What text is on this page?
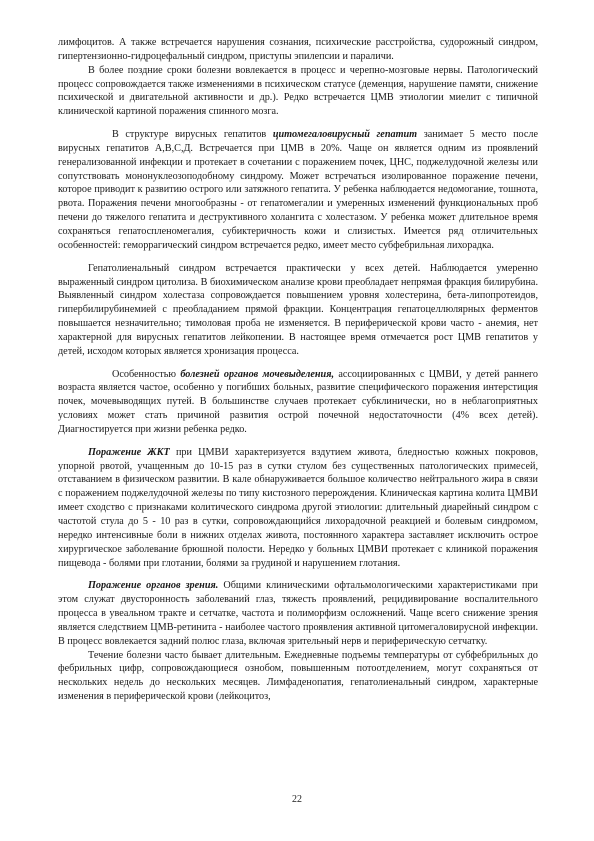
лимфоцитов. А также встречается нарушения сознания, психические расстройства, судорожный синдром, гипертензионно-гидроцефальный синдром, приступы эпилепсии и параличи.

В более поздние сроки болезни вовлекается в процесс и черепно-мозговые нервы. Патологический процесс сопровождается также изменениями в психическом статусе (деменция, нарушение памяти, снижение психической и двигательной активности и др.). Редко встречается ЦМВ этиологии миелит с типичной клинической картиной поражения спинного мозга.

В структуре вирусных гепатитов цитомегаловирусный гепатит занимает 5 место после вирусных гепатитов А,В,С,Д. Встречается при ЦМВ в 20%. Чаще он является одним из проявлений генерализованной инфекции и протекает в сочетании с поражением почек, ЦНС, поджелудочной железы или сопутствовать мононуклеозоподобному синдрому. Может встречаться изолированное поражение печени, которое приводит к развитию острого или затяжного гепатита. У ребенка наблюдается недомогание, тошнота, рвота. Поражения печени многообразны - от гепатомегалии и умеренных изменений функциональных проб печени до тяжелого гепатита и деструктивного холангита с холестазом. У ребенка может длительное время сохраняться гепатоспленомегалия, субиктеричность кожи и слизистых. Имеется ряд отличительных особенностей: геморрагический синдром встречается редко, имеет место субфебрильная лихорадка.

Гепатолиенальный синдром встречается практически у всех детей. Наблюдается умеренно выраженный синдром цитолиза. В биохимическом анализе крови преобладает непрямая фракция билирубина. Выявленный синдром холестаза сопровождается повышением уровня холестерина, бета-липопротеидов, гипербилирубинемией с преобладанием прямой фракции. Концентрация гепатоцеллюлярных ферментов повышается незначительно; тимоловая проба не изменяется. В периферической крови часто - анемия, нет характерной для вирусных гепатитов лейкопении. В настоящее время отмечается рост ЦМВ гепатитов у детей, исходом которых является хронизация процесса.

Особенностью болезней органов мочевыделения, ассоциированных с ЦМВИ, у детей раннего возраста является частое, особенно у погибших больных, развитие специфического поражения интерстиция почек, мочевыводящих путей. В большинстве случаев протекает субклинически, но в неблагоприятных условиях может стать причиной развития острой почечной недостаточности (4% всех детей). Диагностируется при жизни ребенка редко.

Поражение ЖКТ при ЦМВИ характеризуется вздутием живота, бледностью кожных покровов, упорной рвотой, учащенным до 10-15 раз в сутки стулом без существенных патологических примесей, отставанием в физическом развитии. В кале обнаруживается большое количество нейтрального жира в связи с поражением поджелудочной железы по типу кистозного перерождения. Клиническая картина колита ЦМВИ имеет сходство с признаками колитического синдрома другой этиологии: длительный диарейный синдром с частотой стула до 5 - 10 раз в сутки, сопровождающийся лихорадочной реакцией и болевым синдромом, нередко интенсивные боли в нижних отделах живота, постоянного характера заставляет исключить острое хирургическое заболевание брюшной полости. Нередко у больных ЦМВИ протекает с клиникой поражения пищевода - болями при глотании, болями за грудиной и нарушением глотания.

Поражение органов зрения. Общими клиническими офтальмологическими характеристиками при этом служат двусторонность заболеваний глаз, тяжесть проявлений, рецидивирование воспалительного процесса в увеальном тракте и сетчатке, частота и полиморфизм осложнений. Чаще всего снижение зрения является следствием ЦМВ-ретинита - наиболее частого проявления активной цитомегаловирусной инфекции. В процесс вовлекается задний полюс глаза, включая зрительный нерв и периферическую сетчатку.

Течение болезни часто бывает длительным. Ежедневные подъемы температуры от субфебрильных до фебрильных цифр, сопровождающиеся ознобом, повышенным потоотделением, могут сохраняться от нескольких недель до нескольких месяцев. Лимфаденопатия, гепатолиенальный синдром, характерные изменения в периферической крови (лейкоцитоз,

22
